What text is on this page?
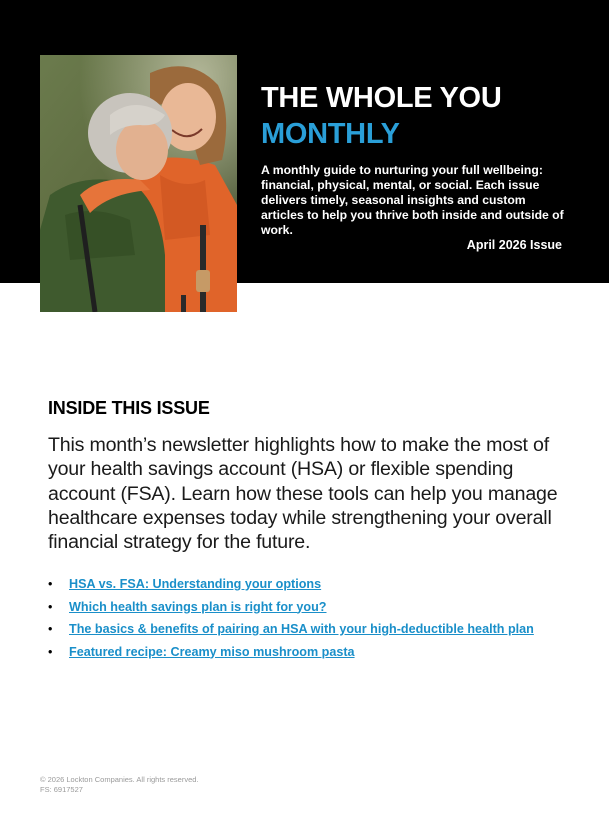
THE WHOLE YOU
MONTHLY

A monthly guide to nurturing your full wellbeing: financial, physical, mental, or social. Each issue delivers timely, seasonal insights and custom articles to help you thrive both inside and outside of work.

April 2026 Issue
INSIDE THIS ISSUE

This month’s newsletter highlights how to make the most of your health savings account (HSA) or flexible spending account (FSA). Learn how these tools can help you manage healthcare expenses today while strengthening your overall financial strategy for the future.

• HSA vs. FSA: Understanding your options
• Which health savings plan is right for you?
• The basics & benefits of pairing an HSA with your high-deductible health plan
• Featured recipe: Creamy miso mushroom pasta
© 2026 Lockton Companies. All rights reserved.
FS: 6917527
